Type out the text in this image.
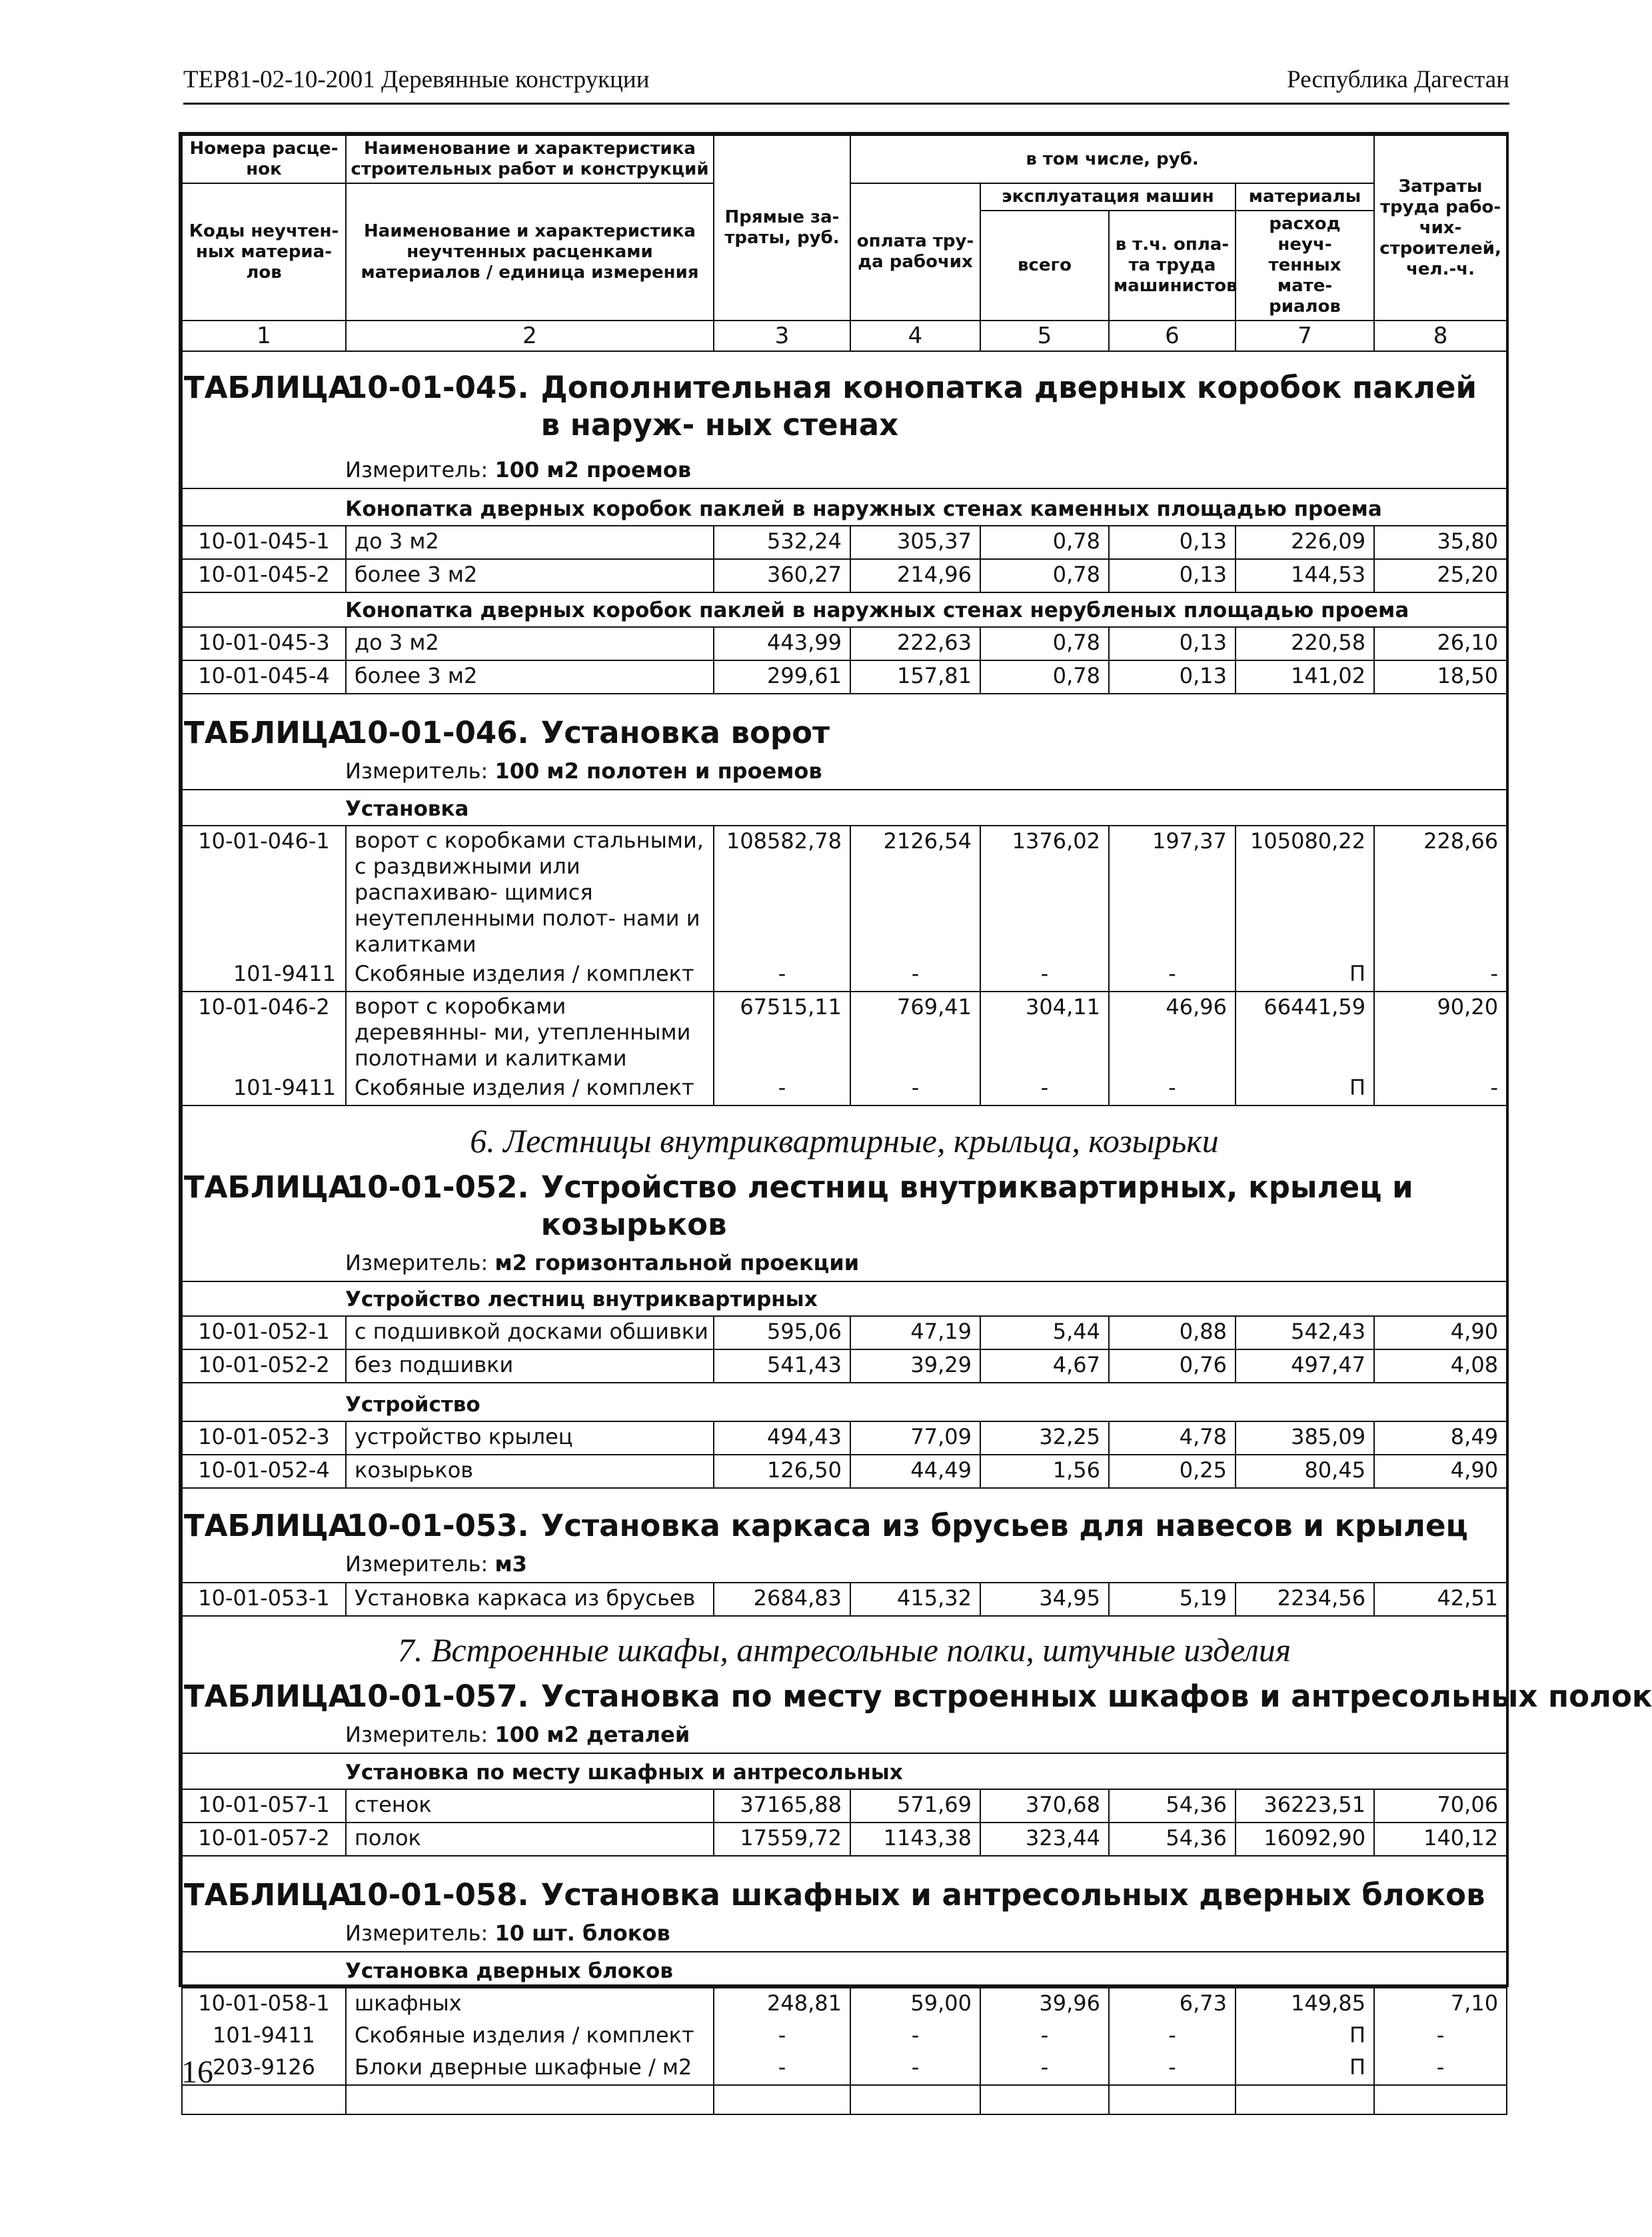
ТЕР81-02-10-2001 Деревянные конструкции	Республика Дагестан
Номера расце- нок	Наименование и характеристика строительных работ и конструкций	Прямые за- траты, руб.	в том числе, руб.				Затраты труда рабо- чих- строителей, чел.-ч.
Коды неучтен- ных материа- лов	Наименование и характеристика неучтенных расценками материалов / единица измерения		оплата тру- да рабочих	эксплуатация машин		материалы	
				всего	в т.ч. опла- та труда машинистов	расход неуч- тенных мате- риалов	
1	2	3	4	5	6	7	8

ТАБЛИЦА
10-01-045. Дополнительная конопатка дверных коробок паклей в наруж- ных стенах
Измеритель: 100 м2 проемов							

Конопатка дверных коробок паклей в наружных стенах каменных площадью проема							

10-01-045-1	до 3 м2	532,24	305,37	0,78	0,13	226,09	35,80
10-01-045-2	более 3 м2	360,27	214,96	0,78	0,13	144,53	25,20

Конопатка дверных коробок паклей в наружных стенах нерубленых площадью проема							

10-01-045-3	до 3 м2	443,99	222,63	0,78	0,13	220,58	26,10
10-01-045-4	более 3 м2	299,61	157,81	0,78	0,13	141,02	18,50

ТАБЛИЦА
10-01-046. Установка ворот
Измеритель: 100 м2 полотен и проемов							

Установка							

10-01-046-1	ворот с коробками стальными, с раздвижными или распахиваю- щимися неутепленными полот- нами и калитками	108582,78	2126,54	1376,02	197,37	105080,22	228,66
101-9411	Скобяные изделия / комплект	-	-	-	-	П	-
10-01-046-2	ворот с коробками деревянны- ми, утепленными полотнами и калитками	67515,11	769,41	304,11	46,96	66441,59	90,20
101-9411	Скобяные изделия / комплект	-	-	-	-	П	-

6. Лестницы внутриквартирные, крыльца, козырьки
ТАБЛИЦА
10-01-052. Устройство лестниц внутриквартирных, крылец и козырьков
Измеритель: м2 горизонтальной проекции							

Устройство лестниц внутриквартирных							

10-01-052-1	с подшивкой досками обшивки	595,06	47,19	5,44	0,88	542,43	4,90
10-01-052-2	без подшивки	541,43	39,29	4,67	0,76	497,47	4,08

Устройство							

10-01-052-3	устройство крылец	494,43	77,09	32,25	4,78	385,09	8,49
10-01-052-4	козырьков	126,50	44,49	1,56	0,25	80,45	4,90

ТАБЛИЦА
10-01-053. Установка каркаса из брусьев для навесов и крылец
Измеритель: м3							

10-01-053-1	Установка каркаса из брусьев	2684,83	415,32	34,95	5,19	2234,56	42,51

7. Встроенные шкафы, антресольные полки, штучные изделия
ТАБЛИЦА
10-01-057. Установка по месту встроенных шкафов и антресольных полок
Измеритель: 100 м2 деталей							

Установка по месту шкафных и антресольных							

10-01-057-1	стенок	37165,88	571,69	370,68	54,36	36223,51	70,06
10-01-057-2	полок	17559,72	1143,38	323,44	54,36	16092,90	140,12

ТАБЛИЦА
10-01-058. Установка шкафных и антресольных дверных блоков
Измеритель: 10 шт. блоков							

Установка дверных блоков							

10-01-058-1	шкафных	248,81	59,00	39,96	6,73	149,85	7,10
101-9411	Скобяные изделия / комплект	-	-	-	-	П	-
203-9126	Блоки дверные шкафные / м2	-	-	-	-	П	-

16
